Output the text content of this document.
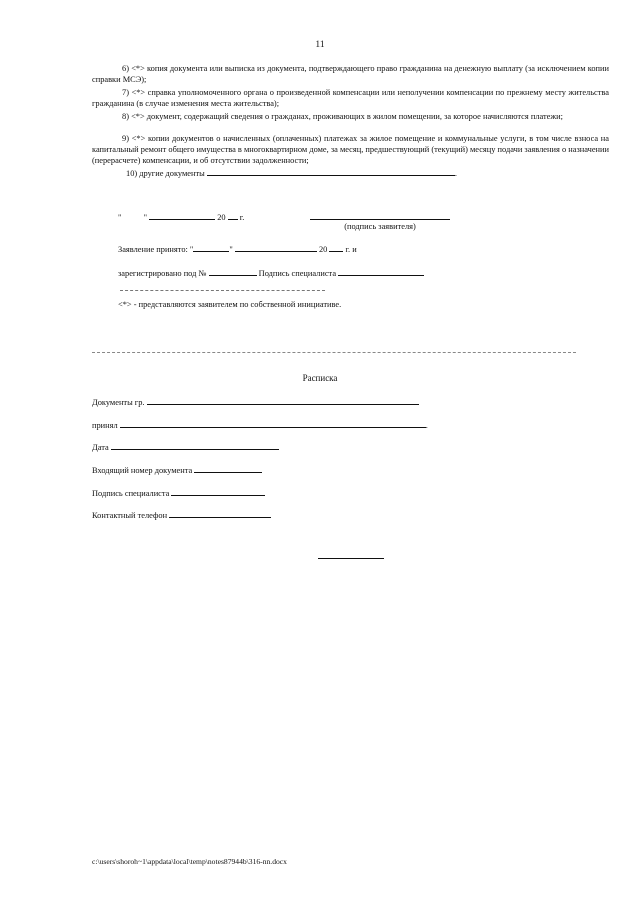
11
6) <*> копия документа или выписка из документа, подтверждающего право гражданина на денежную выплату (за исключением копии справки МСЭ);
7) <*> справка уполномоченного органа о произведенной компенсации или неполучении компенсации по прежнему месту жительства гражданина (в случае изменения места жительства);
8) <*> документ, содержащий сведения о гражданах, проживающих в жилом помещении, за которое начисляются платежи;
9) <*> копии документов о начисленных (оплаченных) платежах за жилое помещение и коммунальные услуги, в том числе взноса на капитальный ремонт общего имущества в многоквартирном доме, за месяц, предшествующий (текущий) месяцу подачи заявления о назначении (перерасчете) компенсации, и об отсутствии задолженности;
10) другие документы	.
"	"	20 г.
(подпись заявителя)
Заявление принято: "	"	20 г. и
зарегистрировано под №	Подпись специалиста
<*> - представляются заявителем по собственной инициативе.
Расписка
Документы гр.
принял	.
Дата
Входящий номер документа
Подпись специалиста
Контактный телефон
c:\users\shoroh~1\appdata\local\temp\notes87944b\316-nn.docx
